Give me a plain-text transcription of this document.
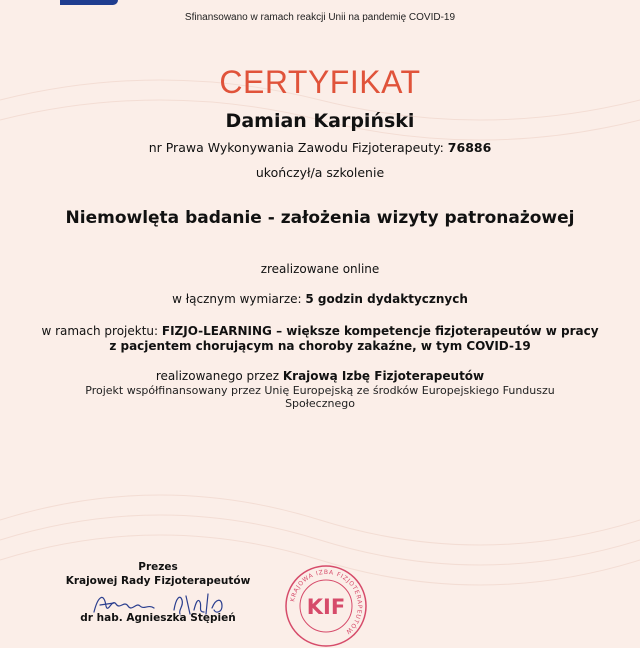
Sfinansowano w ramach reakcji Unii na pandemię COVID-19
CERTYFIKAT
Damian Karpiński
nr Prawa Wykonywania Zawodu Fizjoterapeuty: 76886
ukończył/a szkolenie
Niemowlęta badanie - założenia wizyty patronażowej
zrealizowane online
w łącznym wymiarze: 5 godzin dydaktycznych
w ramach projektu: FIZJO-LEARNING – większe kompetencje fizjoterapeutów w pracy z pacjentem chorującym na choroby zakaźne, w tym COVID-19
realizowanego przez Krajową Izbę Fizjoterapeutów
Projekt współfinansowany przez Unię Europejską ze środków Europejskiego Funduszu Społecznego
Prezes
Krajowej Rady Fizjoterapeutów
dr hab. Agnieszka Stępień
KRAJOWA IZBA FIZJOTERAPEUTÓW
KIF
